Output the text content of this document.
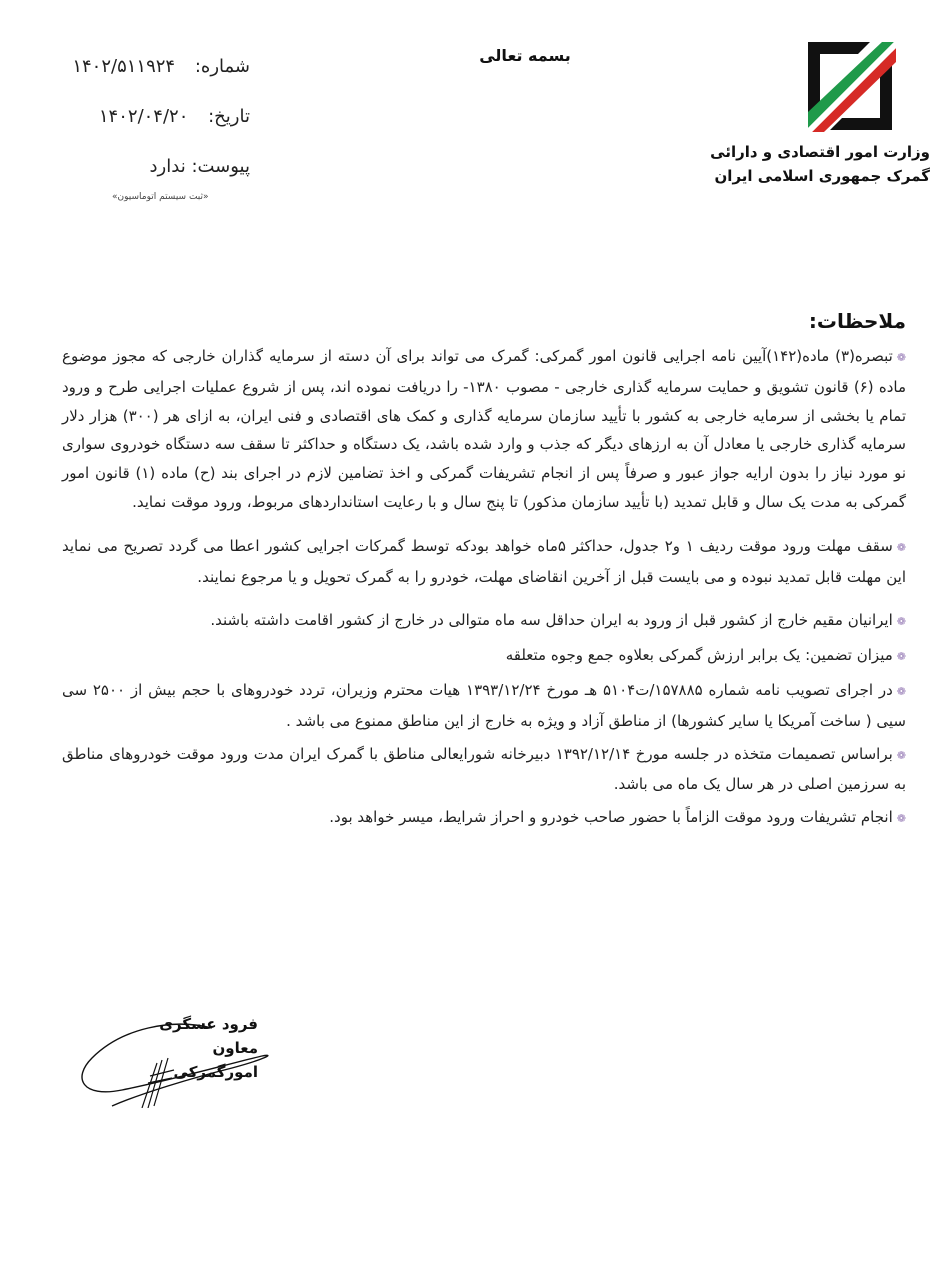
وزارت امور اقتصادی و دارائی
گمرک جمهوری اسلامی ایران
بسمه تعالی
شماره: ۱۴۰۲/۵۱۱۹۲۴
تاریخ: ۱۴۰۲/۰۴/۲۰
پیوست: ندارد
«ثبت سیستم اتوماسیون»
ملاحظات:

❁تبصره(۳) ماده(۱۴۲)آیین نامه اجرایی قانون امور گمرکی: گمرک می تواند برای آن دسته از سرمایه گذاران خارجی که مجوز موضوع ماده (۶) قانون تشویق و حمایت سرمایه گذاری خارجی - مصوب ۱۳۸۰- را دریافت نموده اند، پس از شروع عملیات اجرایی طرح و ورود تمام یا بخشی از سرمایه خارجی به کشور با تأیید سازمان سرمایه گذاری و کمک های اقتصادی و فنی ایران، به ازای هر (۳۰۰) هزار دلار سرمایه گذاری خارجی یا معادل آن به ارزهای دیگر که جذب و وارد شده باشد، یک دستگاه و حداکثر تا سقف سه دستگاه خودروی سواری نو مورد نیاز را بدون ارایه جواز عبور و صرفاً پس از انجام تشریفات گمرکی و اخذ تضامین لازم در اجرای بند (ح) ماده (۱) قانون امور گمرکی به مدت یک سال و قابل تمدید (با تأیید سازمان مذکور) تا پنج سال و با رعایت استانداردهای مربوط، ورود موقت نماید.

❁سقف مهلت ورود موقت ردیف ۱ و۲ جدول، حداکثر ۵ماه خواهد بودکه توسط گمرکات اجرایی کشور اعطا می گردد تصریح می نماید این مهلت قابل تمدید نبوده و می بایست قبل از آخرین انقاضای مهلت، خودرو را به گمرک تحویل و یا مرجوع نمایند.

❁ایرانیان مقیم خارج از کشور قبل از ورود به ایران حداقل سه ماه متوالی در خارج از کشور اقامت داشته باشند.

❁میزان تضمین: یک برابر ارزش گمرکی بعلاوه جمع وجوه متعلقه

❁در اجرای تصویب نامه شماره ۱۵۷۸۸۵/ت۵۱۰۴ هـ مورخ ۱۳۹۳/۱۲/۲۴ هیات محترم وزیران، تردد خودروهای با حجم بیش از ۲۵۰۰ سی سیی ( ساخت آمریکا یا سایر کشورها) از مناطق آزاد و ویژه به خارج از این مناطق ممنوع می باشد .

❁براساس تصمیمات متخذه در جلسه مورخ ۱۳۹۲/۱۲/۱۴ دبیرخانه شورایعالی مناطق با گمرک ایران مدت ورود موقت خودروهای مناطق به سرزمین اصلی در هر سال یک ماه می باشد.

❁انجام تشریفات ورود موقت الزاماً با حضور صاحب خودرو و احراز شرایط، میسر خواهد بود.

فرود عسگری
معاون امورگمرکی
